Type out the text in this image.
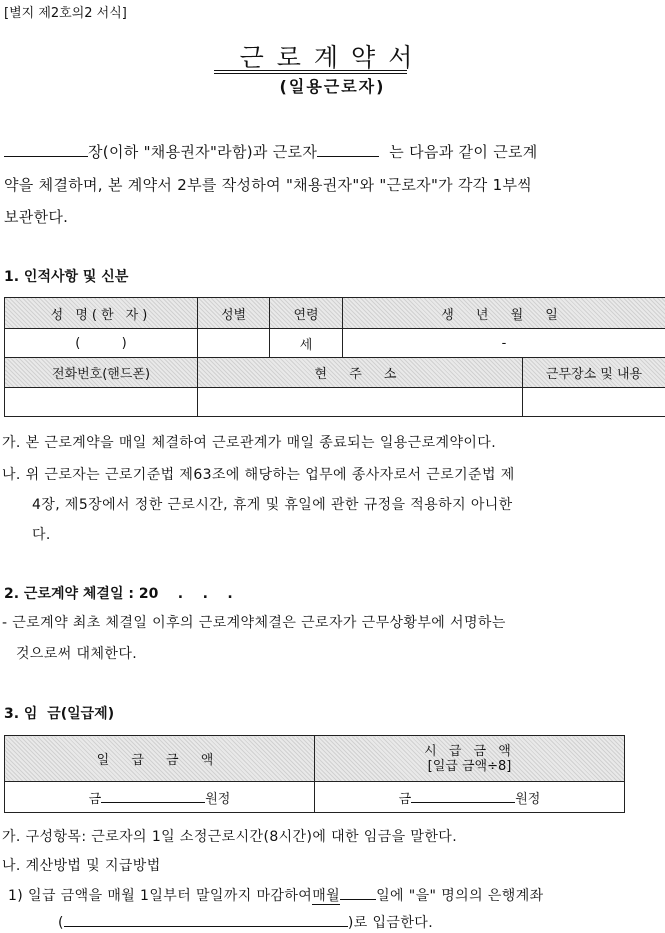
[별지 제2호의2 서식]
근로계약서
(일용근로자)
장(이하 "채용권자"라함)과 근로자	는 다음과 같이 근로계
약을 체결하며, 본 계약서 2부를 작성하여 "채용권자"와 "근로자"가 각각 1부씩
보관한다.
1. 인적사항 및 신분
성 명(한 자)	성별	연령	생 년 월 일	
(          )		세	-	
전화번호(핸드폰)	현 주 소			근무장소 및 내용

가. 본 근로계약을 매일 체결하여 근로관계가 매일 종료되는 일용근로계약이다.
나. 위 근로자는 근로기준법 제63조에 해당하는 업무에 종사자로서 근로기준법 제
4장, 제5장에서 정한 근로시간, 휴게 및 휴일에 관한 규정을 적용하지 아니한
다.
2. 근로계약 체결일 : 20    .    .    .
- 근로계약 최초 체결일 이후의 근로계약체결은 근로자가 근무상황부에 서명하는
것으로써 대체한다.
3. 임  금(일급제)
일 급 금 액	시 급 금 액
[일급 금액÷8]

금 원정	금 원정
가. 구성항목: 근로자의 1일 소정근로시간(8시간)에 대한 임금을 말한다.
나. 계산방법 및 지급방법
1) 일급 금액을 매월 1일부터 말일까지 마감하여매월	일에 "을" 명의의 은행계좌
(	)로 입금한다.
